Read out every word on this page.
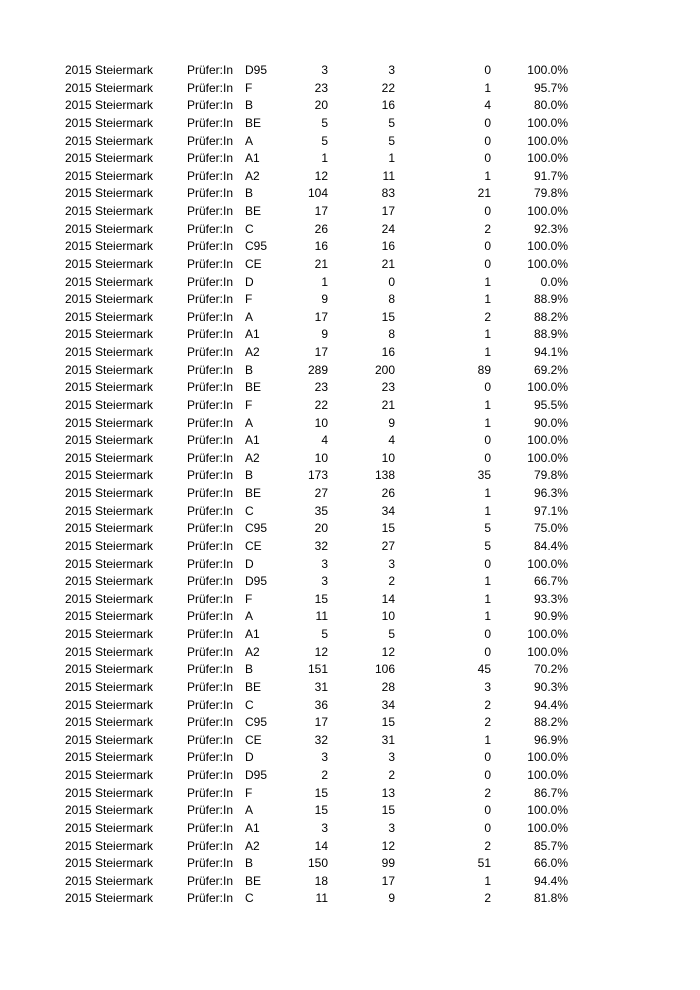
2015 Steiermark	Prüfer:In D95	3	3	0	100.0%
2015 Steiermark	Prüfer:In F	23	22	1	95.7%
2015 Steiermark	Prüfer:In B	20	16	4	80.0%
2015 Steiermark	Prüfer:In BE	5	5	0	100.0%
2015 Steiermark	Prüfer:In A	5	5	0	100.0%
2015 Steiermark	Prüfer:In A1	1	1	0	100.0%
2015 Steiermark	Prüfer:In A2	12	11	1	91.7%
2015 Steiermark	Prüfer:In B	104	83	21	79.8%
2015 Steiermark	Prüfer:In BE	17	17	0	100.0%
2015 Steiermark	Prüfer:In C	26	24	2	92.3%
2015 Steiermark	Prüfer:In C95	16	16	0	100.0%
2015 Steiermark	Prüfer:In CE	21	21	0	100.0%
2015 Steiermark	Prüfer:In D	1	0	1	0.0%
2015 Steiermark	Prüfer:In F	9	8	1	88.9%
2015 Steiermark	Prüfer:In A	17	15	2	88.2%
2015 Steiermark	Prüfer:In A1	9	8	1	88.9%
2015 Steiermark	Prüfer:In A2	17	16	1	94.1%
2015 Steiermark	Prüfer:In B	289	200	89	69.2%
2015 Steiermark	Prüfer:In BE	23	23	0	100.0%
2015 Steiermark	Prüfer:In F	22	21	1	95.5%
2015 Steiermark	Prüfer:In A	10	9	1	90.0%
2015 Steiermark	Prüfer:In A1	4	4	0	100.0%
2015 Steiermark	Prüfer:In A2	10	10	0	100.0%
2015 Steiermark	Prüfer:In B	173	138	35	79.8%
2015 Steiermark	Prüfer:In BE	27	26	1	96.3%
2015 Steiermark	Prüfer:In C	35	34	1	97.1%
2015 Steiermark	Prüfer:In C95	20	15	5	75.0%
2015 Steiermark	Prüfer:In CE	32	27	5	84.4%
2015 Steiermark	Prüfer:In D	3	3	0	100.0%
2015 Steiermark	Prüfer:In D95	3	2	1	66.7%
2015 Steiermark	Prüfer:In F	15	14	1	93.3%
2015 Steiermark	Prüfer:In A	11	10	1	90.9%
2015 Steiermark	Prüfer:In A1	5	5	0	100.0%
2015 Steiermark	Prüfer:In A2	12	12	0	100.0%
2015 Steiermark	Prüfer:In B	151	106	45	70.2%
2015 Steiermark	Prüfer:In BE	31	28	3	90.3%
2015 Steiermark	Prüfer:In C	36	34	2	94.4%
2015 Steiermark	Prüfer:In C95	17	15	2	88.2%
2015 Steiermark	Prüfer:In CE	32	31	1	96.9%
2015 Steiermark	Prüfer:In D	3	3	0	100.0%
2015 Steiermark	Prüfer:In D95	2	2	0	100.0%
2015 Steiermark	Prüfer:In F	15	13	2	86.7%
2015 Steiermark	Prüfer:In A	15	15	0	100.0%
2015 Steiermark	Prüfer:In A1	3	3	0	100.0%
2015 Steiermark	Prüfer:In A2	14	12	2	85.7%
2015 Steiermark	Prüfer:In B	150	99	51	66.0%
2015 Steiermark	Prüfer:In BE	18	17	1	94.4%
2015 Steiermark	Prüfer:In C	11	9	2	81.8%
